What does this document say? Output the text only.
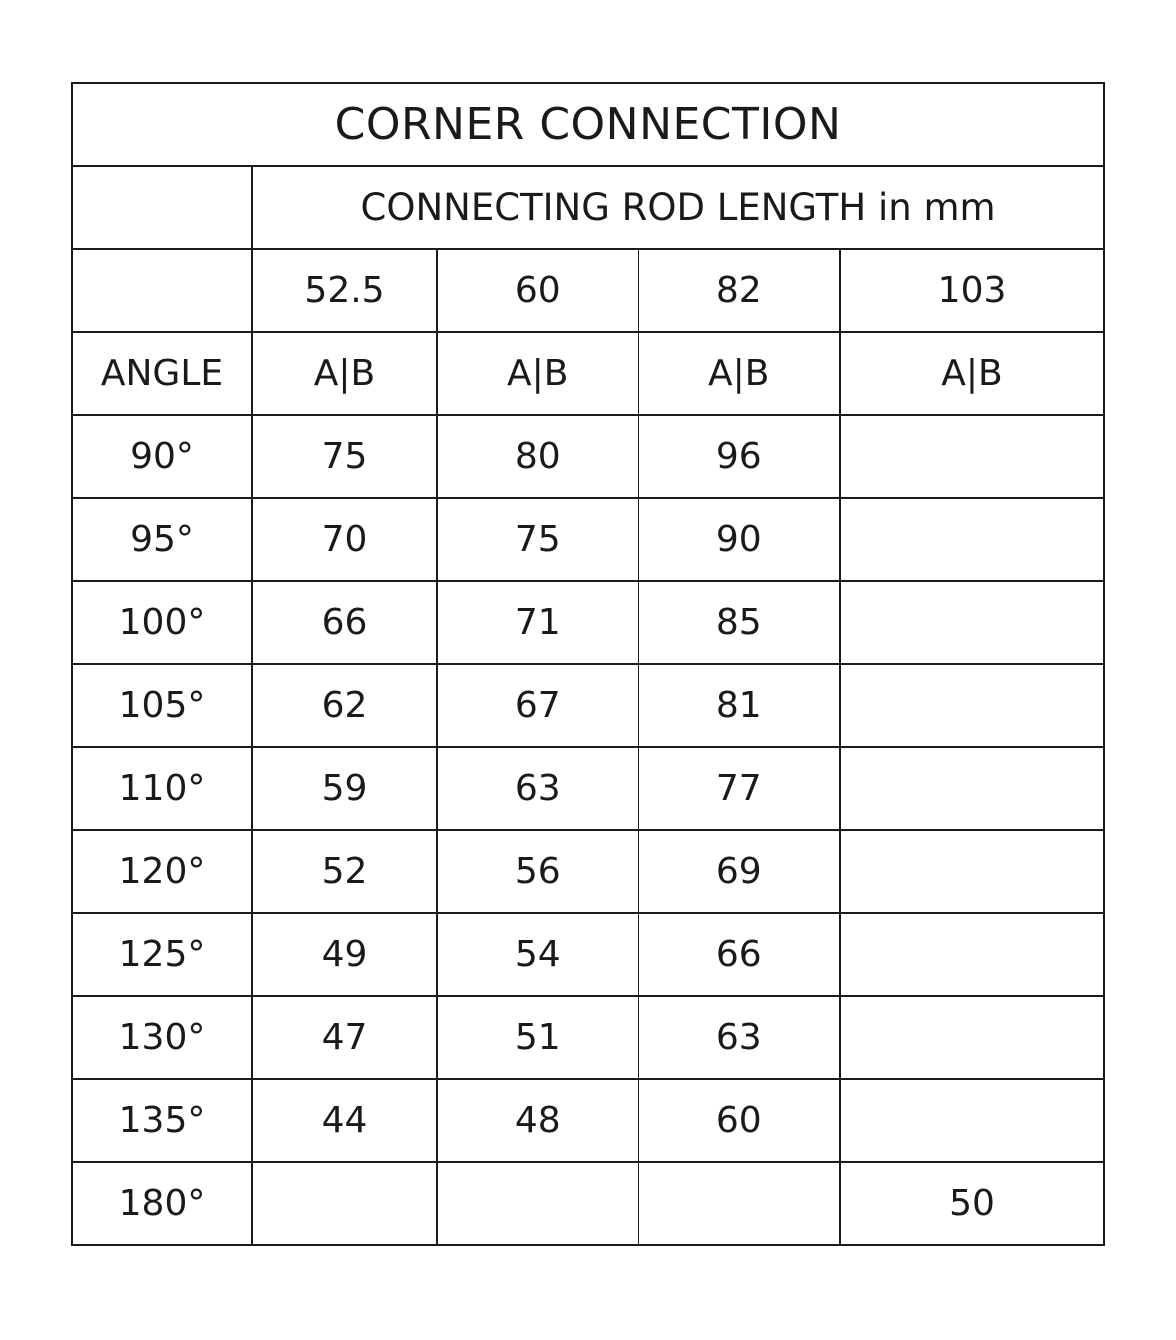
CORNER CONNECTION				
	CONNECTING ROD LENGTH in mm			
	52.5	60	82	103
ANGLE	A|B	A|B	A|B	A|B
90°	75	80	96	
95°	70	75	90	
100°	66	71	85	
105°	62	67	81	
110°	59	63	77	
120°	52	56	69	
125°	49	54	66	
130°	47	51	63	
135°	44	48	60	
180°				50
